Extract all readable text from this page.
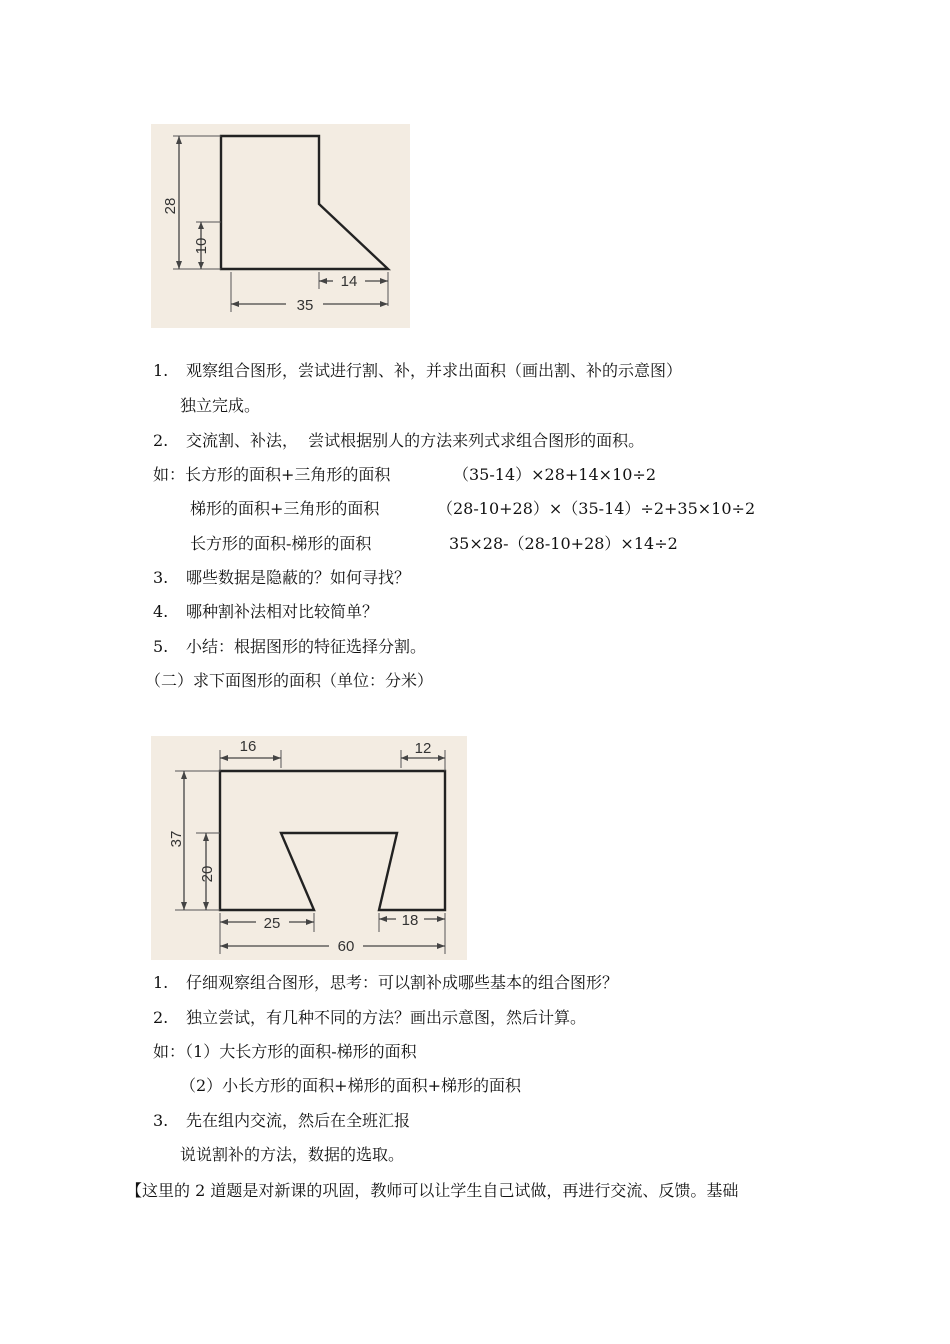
28
10
14
35
1. 观察组合图形，尝试进行割、补，并求出面积（画出割、补的示意图）
独立完成。
2. 交流割、补法，  尝试根据别人的方法来列式求组合图形的面积。
如：长方形的面积+三角形的面积	（35-14）×28+14×10÷2
梯形的面积+三角形的面积	（28-10+28）×（35-14）÷2+35×10÷2
长方形的面积-梯形的面积	35×28-（28-10+28）×14÷2
3. 哪些数据是隐蔽的？如何寻找？
4. 哪种割补法相对比较简单？
5. 小结：根据图形的特征选择分割。
（二）求下面图形的面积（单位：分米）
16	12
37
20
25	18
60
1. 仔细观察组合图形，思考：可以割补成哪些基本的组合图形？
2. 独立尝试，有几种不同的方法？画出示意图，然后计算。
如：（1）大长方形的面积-梯形的面积
（2）小长方形的面积+梯形的面积+梯形的面积
3. 先在组内交流，然后在全班汇报
说说割补的方法，数据的选取。
【这里的 2 道题是对新课的巩固，教师可以让学生自己试做，再进行交流、反馈。基础
